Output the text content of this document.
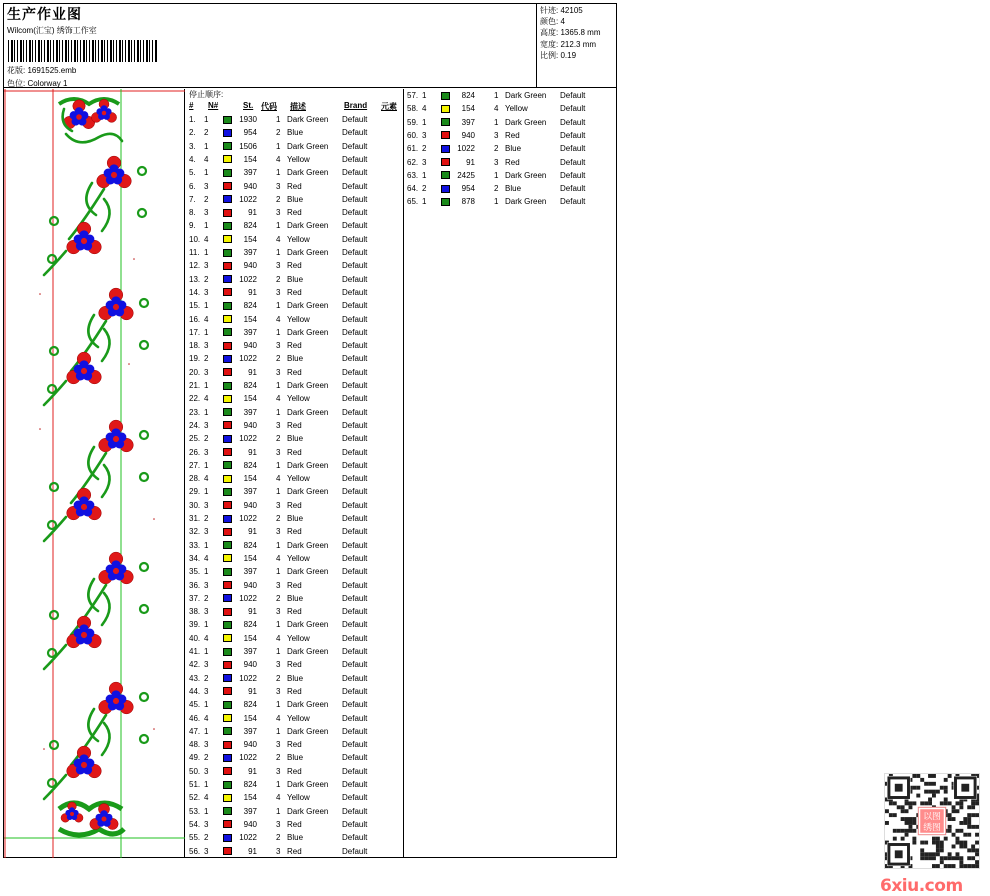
生产作业图
Wilcom(汇宝) 绣饰工作室
花版: 1691525.emb
色位: Colorway 1
针迹: 42105
颜色: 4
高度: 1365.8 mm
宽度: 212.3 mm
比例: 0.19
停止顺序:
# N#	St. 代码 描述	Brand 元素
1. 1	1930 1 Dark Green Default
2. 2	954 2 Blue	Default
3. 1	1506 1 Dark Green Default
4. 4	154 4 Yellow	Default
5. 1	397 1 Dark Green Default
6. 3	940 3 Red	Default
7. 2	1022 2 Blue	Default
8. 3	91 3 Red	Default
9. 1	824 1 Dark Green Default
10. 4	154 4 Yellow	Default
11. 1	397 1 Dark Green Default
12. 3	940 3 Red	Default
13. 2	1022 2 Blue	Default
14. 3	91 3 Red	Default
15. 1	824 1 Dark Green Default
16. 4	154 4 Yellow	Default
17. 1	397 1 Dark Green Default
18. 3	940 3 Red	Default
19. 2	1022 2 Blue	Default
20. 3	91 3 Red	Default
21. 1	824 1 Dark Green Default
22. 4	154 4 Yellow	Default
23. 1	397 1 Dark Green Default
24. 3	940 3 Red	Default
25. 2	1022 2 Blue	Default
26. 3	91 3 Red	Default
27. 1	824 1 Dark Green Default
28. 4	154 4 Yellow	Default
29. 1	397 1 Dark Green Default
30. 3	940 3 Red	Default
31. 2	1022 2 Blue	Default
32. 3	91 3 Red	Default
33. 1	824 1 Dark Green Default
34. 4	154 4 Yellow	Default
35. 1	397 1 Dark Green Default
36. 3	940 3 Red	Default
37. 2	1022 2 Blue	Default
38. 3	91 3 Red	Default
39. 1	824 1 Dark Green Default
40. 4	154 4 Yellow	Default
41. 1	397 1 Dark Green Default
42. 3	940 3 Red	Default
43. 2	1022 2 Blue	Default
44. 3	91 3 Red	Default
45. 1	824 1 Dark Green Default
46. 4	154 4 Yellow	Default
47. 1	397 1 Dark Green Default
48. 3	940 3 Red	Default
49. 2	1022 2 Blue	Default
50. 3	91 3 Red	Default
51. 1	824 1 Dark Green Default
52. 4	154 4 Yellow	Default
53. 1	397 1 Dark Green Default
54. 3	940 3 Red	Default
55. 2	1022 2 Blue	Default
56. 3	91 3 Red	Default
57. 1	824 1 Dark Green Default
58. 4	154 4 Yellow	Default
59. 1	397 1 Dark Green Default
60. 3	940 3 Red	Default
61. 2	1022 2 Blue	Default
62. 3	91 3 Red	Default
63. 1	2425 1 Dark Green Default
64. 2	954 2 Blue	Default
65. 1	878 1 Dark Green Default
以图
绣图
6xiu.com
